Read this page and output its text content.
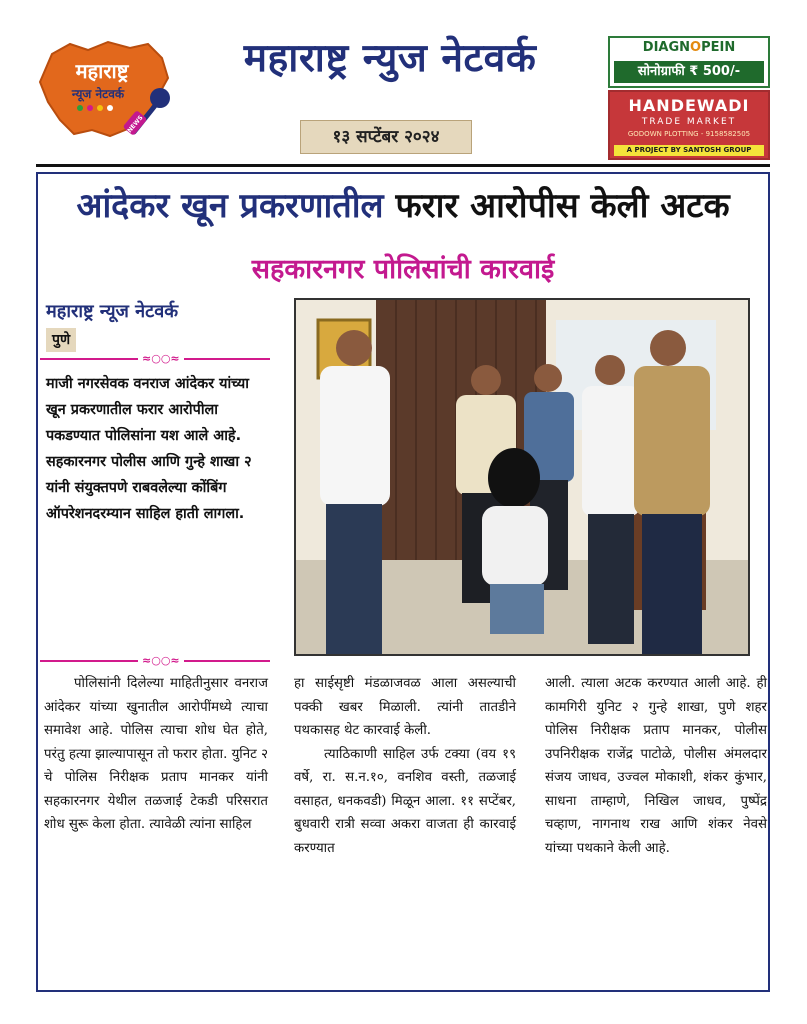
महाराष्ट्र
न्यूज नेटवर्क
NEWS
महाराष्ट्र न्युज नेटवर्क
१३ सप्टेंबर २०२४
DIAGNOPEIN
सोनोग्राफी ₹ 500/-
HANDEWADI
TRADE MARKET
GODOWN PLOTTING - 9158582505
A PROJECT BY SANTOSH GROUP
आंदेकर खून प्रकरणातील फरार आरोपीस केली अटक
सहकारनगर पोलिसांची कारवाई
महाराष्ट्र न्यूज नेटवर्क
पुणे
≈○○≈
माजी नगरसेवक वनराज आंदेकर यांच्या खून प्रकरणातील फरार आरोपीला पकडण्यात पोलिसांना यश आले आहे. सहकारनगर पोलीस आणि गुन्हे शाखा २ यांनी संयुक्तपणे राबवलेल्या कोंबिंग ऑपरेशनदरम्यान साहिल हाती लागला.
≈○○≈

पोलिसांनी दिलेल्या माहितीनुसार वनराज आंदेकर यांच्या खुनातील आरोपींमध्ये त्याचा समावेश आहे. पोलिस त्याचा शोध घेत होते, परंतु हत्या झाल्यापासून तो फरार होता. युनिट २ चे पोलिस निरीक्षक प्रताप मानकर यांनी सहकारनगर येथील तळजाई टेकडी परिसरात शोध सुरू केला होता. त्यावेळी त्यांना साहिल

हा साईसृष्टी मंडळाजवळ आला असल्याची पक्की खबर मिळाली. त्यांनी तातडीने पथकासह थेट कारवाई केली.

त्याठिकाणी साहिल उर्फ टक्या (वय १९ वर्षे, रा. स.न.१०, वनशिव वस्ती, तळजाई वसाहत, धनकवडी) मिळून आला. ११ सप्टेंबर, बुधवारी रात्री सव्वा अकरा वाजता ही कारवाई करण्यात

आली. त्याला अटक करण्यात आली आहे. ही कामगिरी युनिट २ गुन्हे शाखा, पुणे शहर पोलिस निरीक्षक प्रताप मानकर, पोलीस उपनिरीक्षक राजेंद्र पाटोळे, पोलीस अंमलदार संजय जाधव, उज्वल मोकाशी, शंकर कुंभार, साधना ताम्हाणे, निखिल जाधव, पुष्पेंद्र चव्हाण, नागनाथ राख आणि शंकर नेवसे यांच्या पथकाने केली आहे.
